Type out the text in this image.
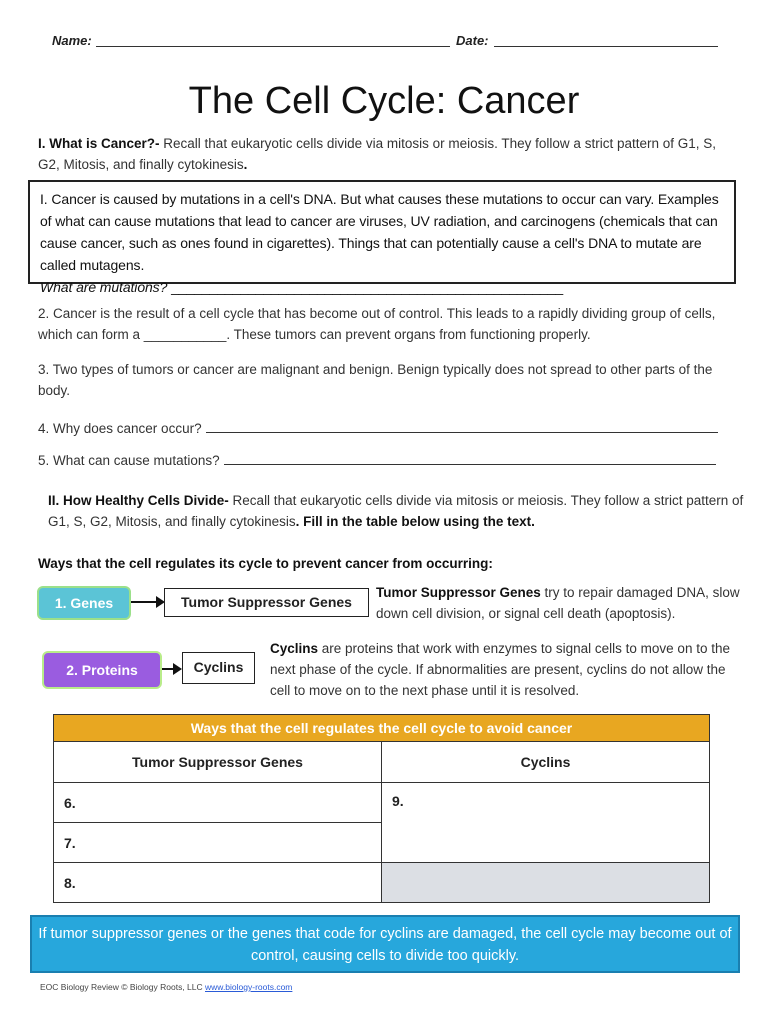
Name:	Date:
The Cell Cycle: Cancer
I. What is Cancer?- Recall that eukaryotic cells divide via mitosis or meiosis. They follow a strict pattern of G1, S, G2, Mitosis, and finally cytokinesis.
I. Cancer is caused by mutations in a cell's DNA. But what causes these mutations to occur can vary. Examples of what can cause mutations that lead to cancer are viruses, UV radiation, and carcinogens (chemicals that can cause cancer, such as ones found in cigarettes). Things that can potentially cause a cell's DNA to mutate are called mutagens.
What are mutations? ___________________________________________________
2. Cancer is the result of a cell cycle that has become out of control. This leads to a rapidly dividing group of cells, which can form a ___________. These tumors can prevent organs from functioning properly.
3. Two types of tumors or cancer are malignant and benign. Benign typically does not spread to other parts of the body.
4. Why does cancer occur?
5. What can cause mutations?
II. How Healthy Cells Divide- Recall that eukaryotic cells divide via mitosis or meiosis. They follow a strict pattern of G1, S, G2, Mitosis, and finally cytokinesis. Fill in the table below using the text.
Ways that the cell regulates its cycle to prevent cancer from occurring:
1. Genes	Tumor Suppressor Genes
Tumor Suppressor Genes try to repair damaged DNA, slow down cell division, or signal cell death (apoptosis).
2. Proteins	Cyclins
Cyclins are proteins that work with enzymes to signal cells to move on to the next phase of the cycle. If abnormalities are present, cyclins do not allow the cell to move on to the next phase until it is resolved.
Ways that the cell regulates the cell cycle to avoid cancer	
Tumor Suppressor Genes	Cyclins
6.	9.
7.	
8.	
If tumor suppressor genes or the genes that code for cyclins are damaged, the cell cycle may become out of control, causing cells to divide too quickly.
EOC Biology Review © Biology Roots, LLC www.biology-roots.com
